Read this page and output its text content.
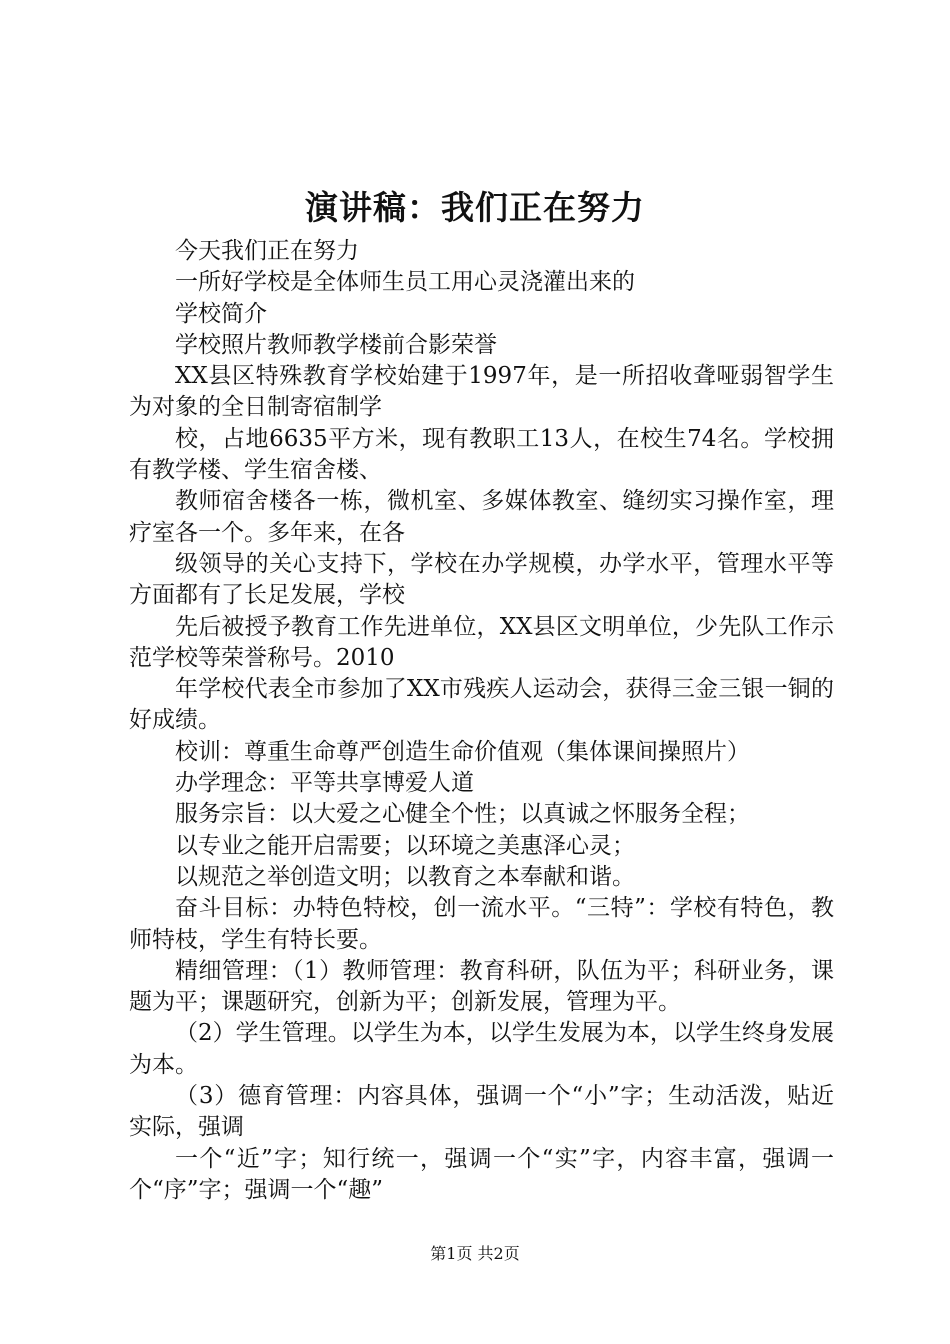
演讲稿：我们正在努力

今天我们正在努力

一所好学校是全体师生员工用心灵浇灌出来的

学校简介

学校照片教师教学楼前合影荣誉

XX县区特殊教育学校始建于1997年，是一所招收聋哑弱智学生为对象的全日制寄宿制学

校，占地6635平方米，现有教职工13人，在校生74名。学校拥有教学楼、学生宿舍楼、

教师宿舍楼各一栋，微机室、多媒体教室、缝纫实习操作室，理疗室各一个。多年来，在各

级领导的关心支持下，学校在办学规模，办学水平，管理水平等方面都有了长足发展，学校

先后被授予教育工作先进单位，XX县区文明单位，少先队工作示范学校等荣誉称号。2010

年学校代表全市参加了XX市残疾人运动会，获得三金三银一铜的好成绩。

校训：尊重生命尊严创造生命价值观（集体课间操照片）

办学理念：平等共享博爱人道

服务宗旨：以大爱之心健全个性；以真诚之怀服务全程；

以专业之能开启需要；以环境之美惠泽心灵；

以规范之举创造文明；以教育之本奉献和谐。

奋斗目标：办特色特校，创一流水平。“三特”：学校有特色，教师特枝，学生有特长要。

精细管理：（1）教师管理：教育科研，队伍为平；科研业务，课题为平；课题研究，创新为平；创新发展，管理为平。

（2）学生管理。以学生为本，以学生发展为本，以学生终身发展为本。

（3）德育管理：内容具体，强调一个“小”字；生动活泼，贴近实际，强调

一个“近”字；知行统一，强调一个“实”字，内容丰富，强调一个“序”字；强调一个“趣”

第1页 共2页
